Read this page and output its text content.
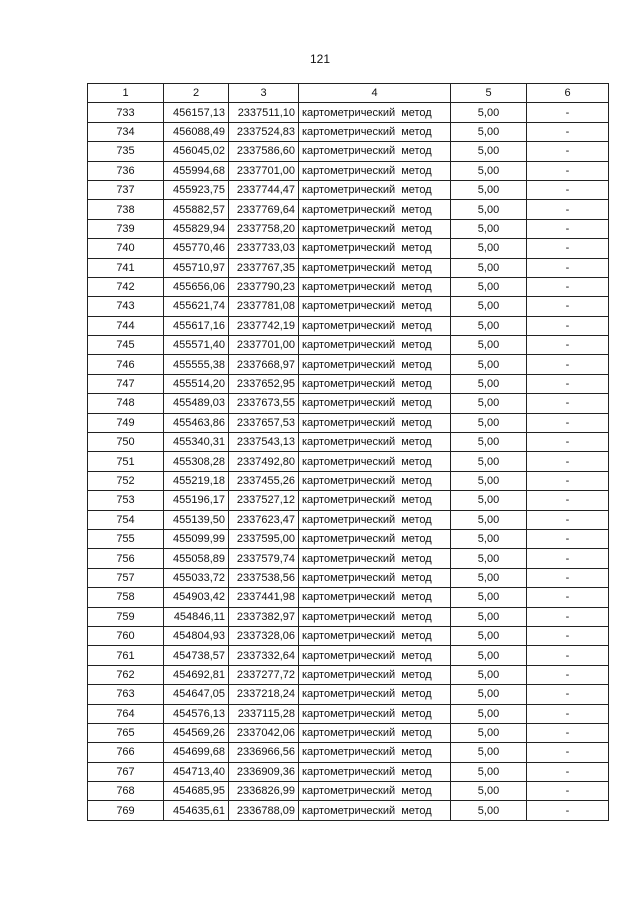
121
1	2	3	4	5	6
733	456157,13	2337511,10	картометрический метод	5,00	-
734	456088,49	2337524,83	картометрический метод	5,00	-
735	456045,02	2337586,60	картометрический метод	5,00	-
736	455994,68	2337701,00	картометрический метод	5,00	-
737	455923,75	2337744,47	картометрический метод	5,00	-
738	455882,57	2337769,64	картометрический метод	5,00	-
739	455829,94	2337758,20	картометрический метод	5,00	-
740	455770,46	2337733,03	картометрический метод	5,00	-
741	455710,97	2337767,35	картометрический метод	5,00	-
742	455656,06	2337790,23	картометрический метод	5,00	-
743	455621,74	2337781,08	картометрический метод	5,00	-
744	455617,16	2337742,19	картометрический метод	5,00	-
745	455571,40	2337701,00	картометрический метод	5,00	-
746	455555,38	2337668,97	картометрический метод	5,00	-
747	455514,20	2337652,95	картометрический метод	5,00	-
748	455489,03	2337673,55	картометрический метод	5,00	-
749	455463,86	2337657,53	картометрический метод	5,00	-
750	455340,31	2337543,13	картометрический метод	5,00	-
751	455308,28	2337492,80	картометрический метод	5,00	-
752	455219,18	2337455,26	картометрический метод	5,00	-
753	455196,17	2337527,12	картометрический метод	5,00	-
754	455139,50	2337623,47	картометрический метод	5,00	-
755	455099,99	2337595,00	картометрический метод	5,00	-
756	455058,89	2337579,74	картометрический метод	5,00	-
757	455033,72	2337538,56	картометрический метод	5,00	-
758	454903,42	2337441,98	картометрический метод	5,00	-
759	454846,11	2337382,97	картометрический метод	5,00	-
760	454804,93	2337328,06	картометрический метод	5,00	-
761	454738,57	2337332,64	картометрический метод	5,00	-
762	454692,81	2337277,72	картометрический метод	5,00	-
763	454647,05	2337218,24	картометрический метод	5,00	-
764	454576,13	2337115,28	картометрический метод	5,00	-
765	454569,26	2337042,06	картометрический метод	5,00	-
766	454699,68	2336966,56	картометрический метод	5,00	-
767	454713,40	2336909,36	картометрический метод	5,00	-
768	454685,95	2336826,99	картометрический метод	5,00	-
769	454635,61	2336788,09	картометрический метод	5,00	-
